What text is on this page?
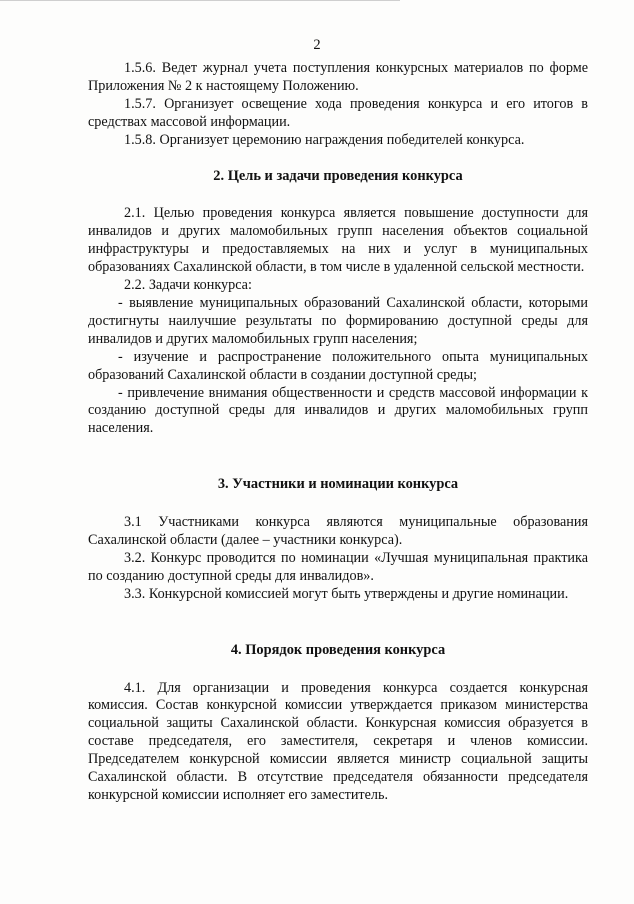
2

1.5.6. Ведет журнал учета поступления конкурсных материалов по форме Приложения № 2 к настоящему Положению.

1.5.7. Организует освещение хода проведения конкурса и его итогов в средствах массовой информации.

1.5.8. Организует церемонию награждения победителей конкурса.

2. Цель и задачи проведения конкурса

2.1. Целью проведения конкурса является повышение доступности для инвалидов и других маломобильных групп населения объектов социальной инфраструктуры и предоставляемых на них и услуг в муниципальных образованиях Сахалинской области, в том числе в удаленной сельской местности.

2.2. Задачи конкурса:

- выявление муниципальных образований Сахалинской области, которыми достигнуты наилучшие результаты по формированию доступной среды для инвалидов и других маломобильных групп населения;

- изучение и распространение положительного опыта муниципальных образований Сахалинской области в создании доступной среды;

- привлечение внимания общественности и средств массовой информации к созданию доступной среды для инвалидов и других маломобильных групп населения.

3. Участники и номинации конкурса

3.1 Участниками конкурса являются муниципальные образования Сахалинской области (далее – участники конкурса).

3.2. Конкурс проводится по номинации «Лучшая муниципальная практика по созданию доступной среды для инвалидов».

3.3. Конкурсной комиссией могут быть утверждены и другие номинации.

4. Порядок проведения конкурса

4.1. Для организации и проведения конкурса создается конкурсная комиссия. Состав конкурсной комиссии утверждается приказом министерства социальной защиты Сахалинской области. Конкурсная комиссия образуется в составе председателя, его заместителя, секретаря и членов комиссии. Председателем конкурсной комиссии является министр социальной защиты Сахалинской области. В отсутствие председателя обязанности председателя конкурсной комиссии исполняет его заместитель.
